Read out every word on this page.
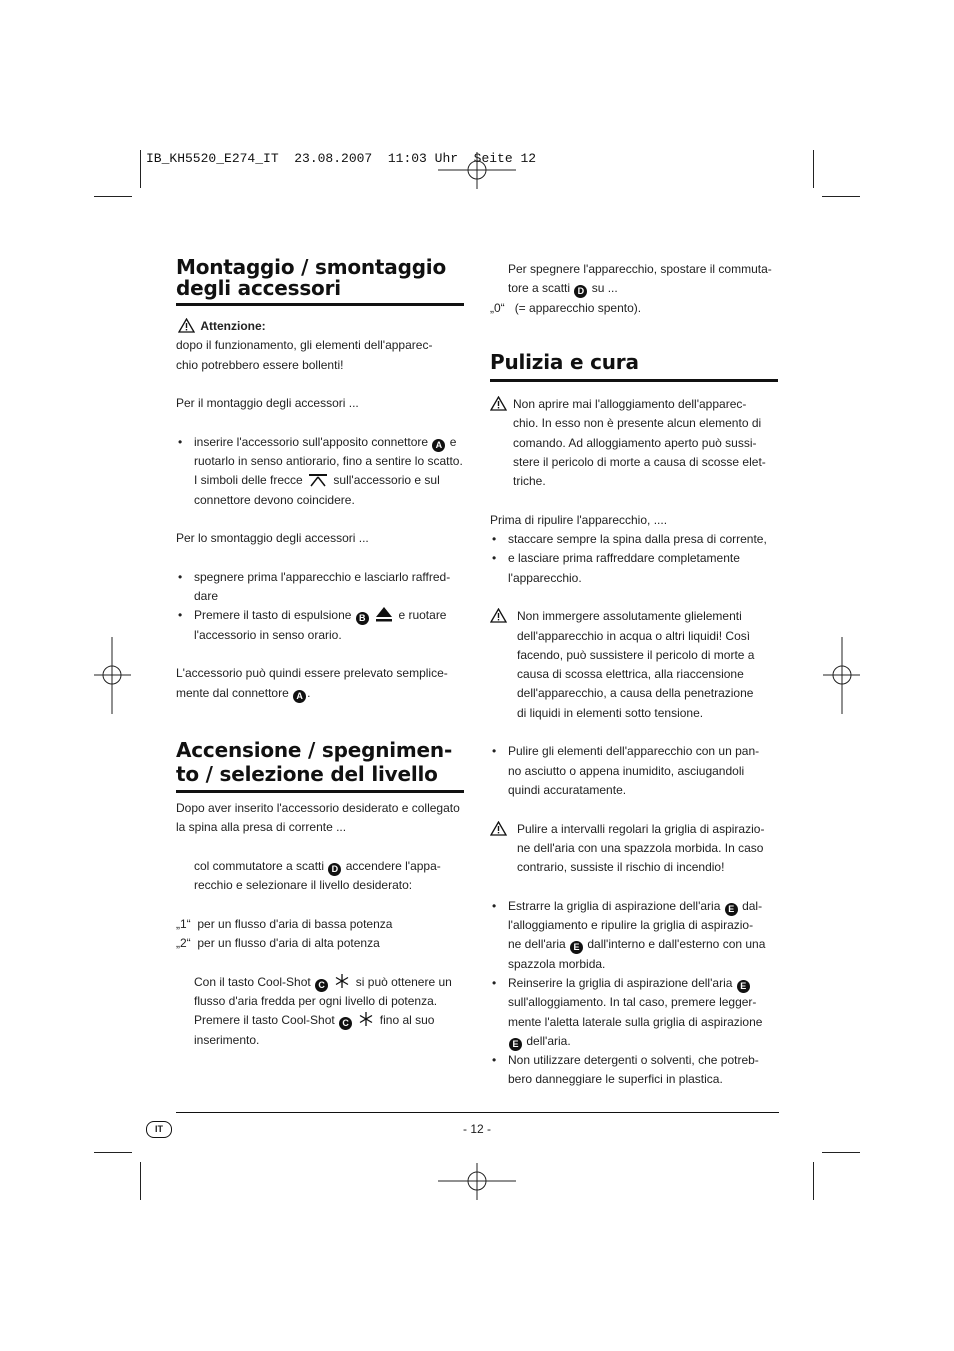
IB_KH5520_E274_IT  23.08.2007  11:03 Uhr  Seite 12
Montaggio / smontaggio
degli accessori

Attenzione:

dopo il funzionamento, gli elementi dell'apparec-

chio potrebbero essere bollenti!

Per il montaggio degli accessori ...

• inserire l'accessorio sull'apposito connettore A e

ruotarlo in senso antiorario, fino a sentire lo scatto.

I simboli delle frecce	sull'accessorio e sul

connettore devono coincidere.

Per lo smontaggio degli accessori ...

• spegnere prima l'apparecchio e lasciarlo raffred-

dare

• Premere il tasto di espulsione B	e ruotare

l'accessorio in senso orario.

L'accessorio può quindi essere prelevato semplice-

mente dal connettore A .

Accensione / spegnimen-
to / selezione del livello

Dopo aver inserito l'accessorio desiderato e collegato

la spina alla presa di corrente ...

col commutatore a scatti D accendere l'appa-

recchio e selezionare il livello desiderato:

„1“ per un flusso d'aria di bassa potenza

„2“ per un flusso d'aria di alta potenza

Con il tasto Cool-Shot C	si può ottenere un

flusso d'aria fredda per ogni livello di potenza.

Premere il tasto Cool-Shot C	fino al suo

inserimento.

Per spegnere l'apparecchio, spostare il commuta-

tore a scatti D su ...

„0“ (= apparecchio spento).

Pulizia e cura

Non aprire mai l'alloggiamento dell'apparec-

chio. In esso non è presente alcun elemento di

comando. Ad alloggiamento aperto può sussi-

stere il pericolo di morte a causa di scosse elet-

triche.

Prima di ripulire l'apparecchio, ....

• staccare sempre la spina dalla presa di corrente,

• e lasciare prima raffreddare completamente

l'apparecchio.

Non immergere assolutamente glielementi

dell'apparecchio in acqua o altri liquidi! Così

facendo, può sussistere il pericolo di morte a

causa di scossa elettrica, alla riaccensione

dell'apparecchio, a causa della penetrazione

di liquidi in elementi sotto tensione.

• Pulire gli elementi dell'apparecchio con un pan-

no asciutto o appena inumidito, asciugandoli

quindi accuratamente.

Pulire a intervalli regolari la griglia di aspirazio-

ne dell'aria con una spazzola morbida. In caso

contrario, sussiste il rischio di incendio!

• Estrarre la griglia di aspirazione dell'aria E dal-

l'alloggiamento e ripulire la griglia di aspirazio-

ne dell'aria E dall'interno e dall'esterno con una

spazzola morbida.

• Reinserire la griglia di aspirazione dell'aria E

sull'alloggiamento. In tal caso, premere legger-

mente l'aletta laterale sulla griglia di aspirazione

E dell'aria.

• Non utilizzare detergenti o solventi, che potreb-

bero danneggiare le superfici in plastica.

IT	- 12 -
